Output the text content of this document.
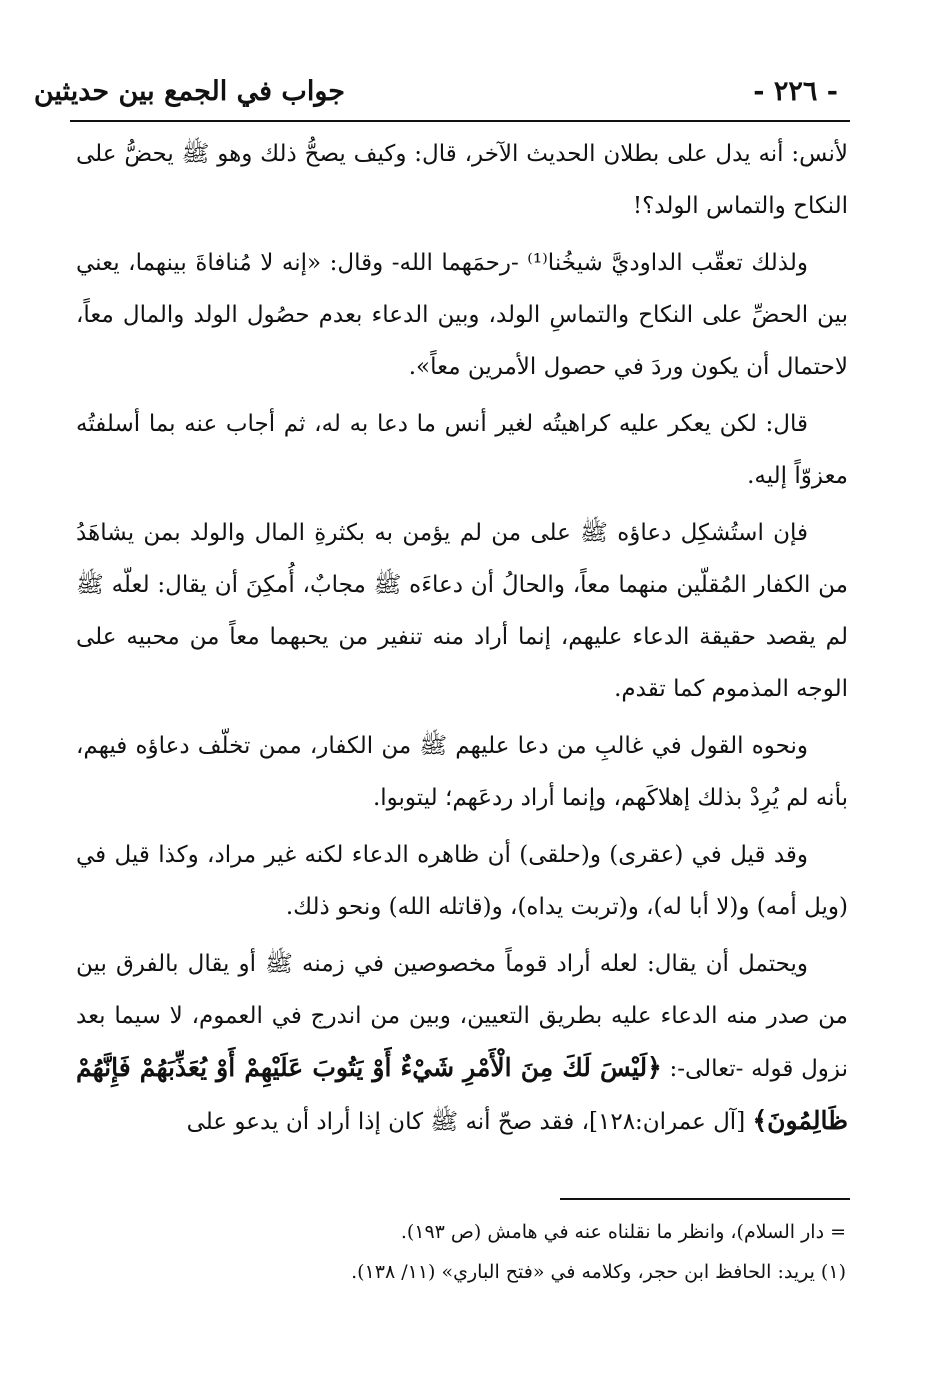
جواب في الجمع بين حديثين	- ٢٢٦ -

لأنس: أنه يدل على بطلان الحديث الآخر، قال: وكيف يصحُّ ذلك وهو ﷺ يحضُّ على النكاح والتماس الولد؟!

ولذلك تعقّب الداوديَّ شيخُنا⁽¹⁾ -رحمَهما الله- وقال: «إنه لا مُنافاةَ بينهما، يعني بين الحضِّ على النكاح والتماسِ الولد، وبين الدعاء بعدم حصُول الولد والمال معاً، لاحتمال أن يكون وردَ في حصول الأمرين معاً».

قال: لكن يعكر عليه كراهيتُه لغير أنس ما دعا به له، ثم أجاب عنه بما أسلفتُه معزوّاً إليه.

فإن استُشكِل دعاؤه ﷺ على من لم يؤمن به بكثرةِ المال والولد بمن يشاهَدُ من الكفار المُقلّين منهما معاً، والحالُ أن دعاءَه ﷺ مجابٌ، أُمكِنَ أن يقال: لعلّه ﷺ لم يقصد حقيقة الدعاء عليهم، إنما أراد منه تنفير من يحبهما معاً من محبيه على الوجه المذموم كما تقدم.

ونحوه القول في غالبِ من دعا عليهم ﷺ من الكفار، ممن تخلّف دعاؤه فيهم، بأنه لم يُرِدْ بذلك إهلاكَهم، وإنما أراد ردعَهم؛ ليتوبوا.

وقد قيل في (عقرى) و(حلقى) أن ظاهره الدعاء لكنه غير مراد، وكذا قيل في (ويل أمه) و(لا أبا له)، و(تربت يداه)، و(قاتله الله) ونحو ذلك.

ويحتمل أن يقال: لعله أراد قوماً مخصوصين في زمنه ﷺ أو يقال بالفرق بين من صدر منه الدعاء عليه بطريق التعيين، وبين من اندرج في العموم، لا سيما بعد نزول قوله -تعالى-: ﴿لَيْسَ لَكَ مِنَ الْأَمْرِ شَيْءٌ أَوْ يَتُوبَ عَلَيْهِمْ أَوْ يُعَذِّبَهُمْ فَإِنَّهُمْ ظَالِمُونَ﴾ [آل عمران:١٢٨]، فقد صحّ أنه ﷺ كان إذا أراد أن يدعو على

= دار السلام)، وانظر ما نقلناه عنه في هامش (ص ١٩٣).
(١) يريد: الحافظ ابن حجر، وكلامه في «فتح الباري» (١١/ ١٣٨).
